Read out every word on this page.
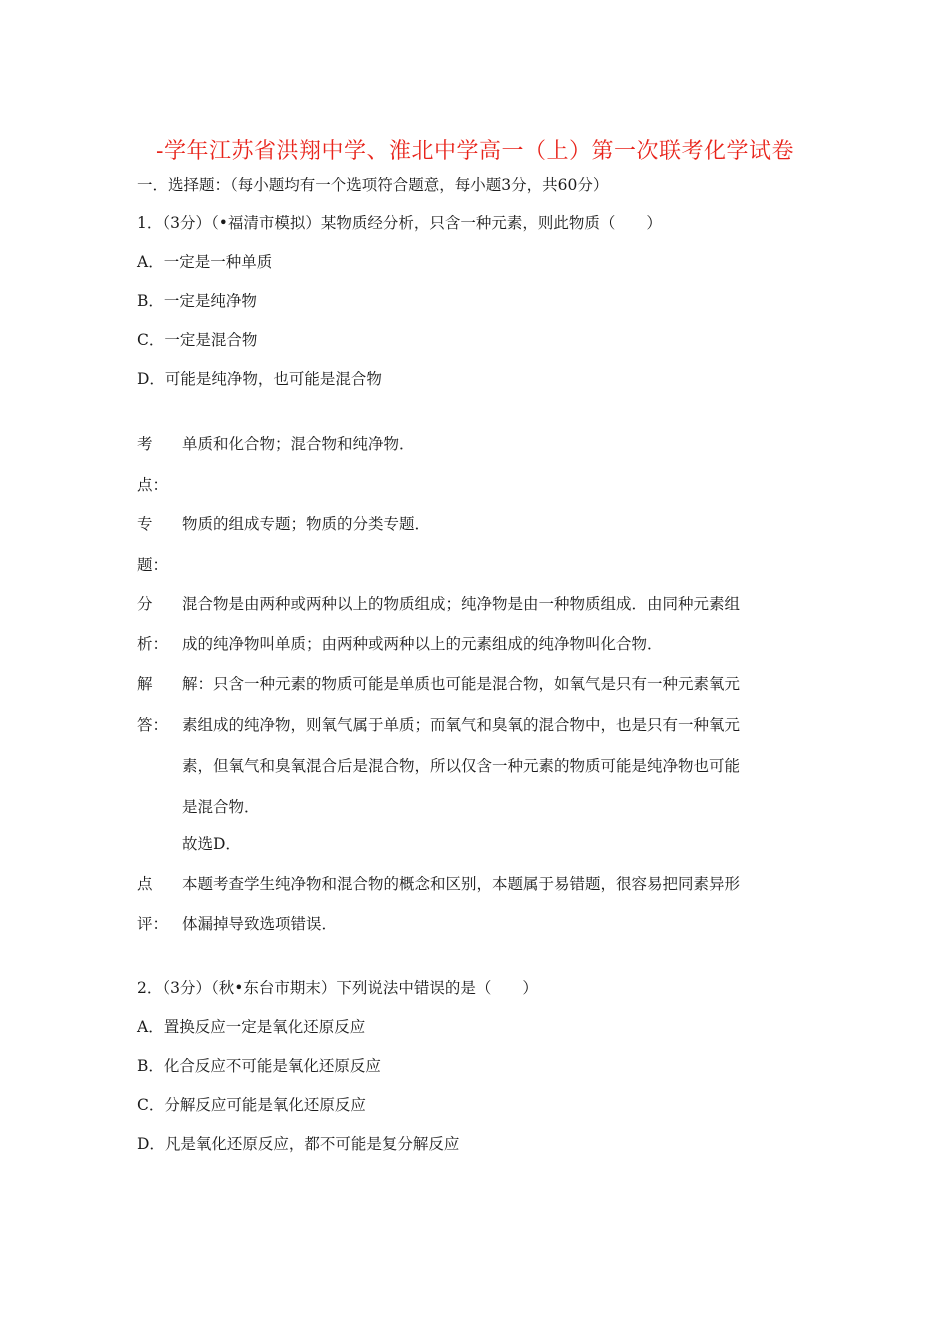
-学年江苏省洪翔中学、淮北中学高一（上）第一次联考化学试卷
一．选择题：（每小题均有一个选项符合题意，每小题3分，共60分）
1．（3分）（•福清市模拟）某物质经分析，只含一种元素，则此物质（　　）
A．一定是一种单质
B．一定是纯净物
C．一定是混合物
D．可能是纯净物，也可能是混合物
考
点：
单质和化合物；混合物和纯净物．
专
题：
物质的组成专题；物质的分类专题．
分
析：
混合物是由两种或两种以上的物质组成；纯净物是由一种物质组成．由同种元素组
成的纯净物叫单质；由两种或两种以上的元素组成的纯净物叫化合物．
解
答：
解：只含一种元素的物质可能是单质也可能是混合物，如氧气是只有一种元素氧元
素组成的纯净物，则氧气属于单质；而氧气和臭氧的混合物中，也是只有一种氧元
素，但氧气和臭氧混合后是混合物，所以仅含一种元素的物质可能是纯净物也可能
是混合物．
故选D．
点
评：
本题考查学生纯净物和混合物的概念和区别，本题属于易错题，很容易把同素异形
体漏掉导致选项错误．
2．（3分）（秋•东台市期末）下列说法中错误的是（　　）
A．置换反应一定是氧化还原反应
B．化合反应不可能是氧化还原反应
C．分解反应可能是氧化还原反应
D．凡是氧化还原反应，都不可能是复分解反应
